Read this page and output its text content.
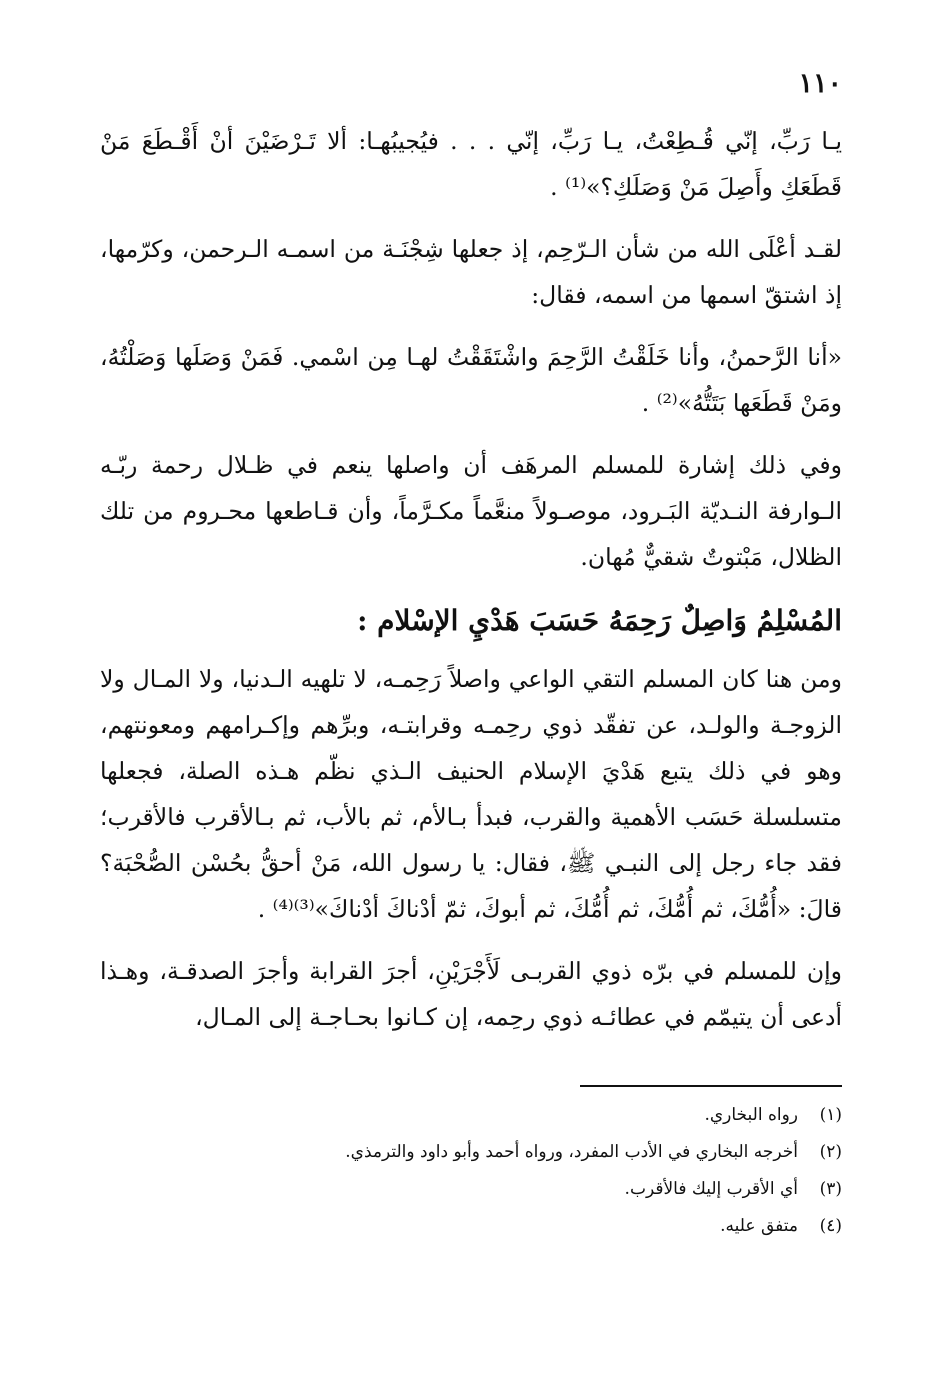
١١٠

يـا رَبِّ، إنّي قُـطِعْتُ، يـا رَبِّ، إنّي . . . فيُجيبُهـا: ألا تَـرْضَيْنَ أنْ أَقْـطَعَ مَنْ قَطَعَكِ وأَصِلَ مَنْ وَصَلَكِ؟»⁽¹⁾ .

لقـد أعْلَى الله من شأن الـرّحِم، إذ جعلها شِجْنَـة من اسمـه الـرحمن، وكرّمها، إذ اشتقّ اسمها من اسمه، فقال:

«أنا الرَّحمنُ، وأنا خَلَقْتُ الرَّحِمَ واشْتَقَقْتُ لهـا مِن اسْمي. فَمَنْ وَصَلَها وَصَلْتُهُ، ومَنْ قَطَعَها بَتَتُّهُ»⁽²⁾ .

وفي ذلك إشارة للمسلم المرهَف أن واصلها ينعم في ظـلال رحمة ربّـه الـوارفة النـديّة البَـرود، موصـولاً منعَّماً مكـرَّماً، وأن قـاطعها محـروم من تلك الظلال، مَبْتوتٌ شقيٌّ مُهان.

المُسْلِمُ وَاصِلٌ رَحِمَهُ حَسَبَ هَدْيِ الإسْلام :

ومن هنا كان المسلم التقي الواعي واصلاً رَحِمـه، لا تلهيه الـدنيا، ولا المـال ولا الزوجـة والولـد، عن تفقّد ذوي رحِمـه وقرابتـه، وبرِّهم وإكـرامهم ومعونتهم، وهو في ذلك يتبع هَدْيَ الإسلام الحنيف الـذي نظّم هـذه الصلة، فجعلها متسلسلة حَسَب الأهمية والقرب، فبدأ بـالأم، ثم بالأب، ثم بـالأقرب فالأقرب؛ فقد جاء رجل إلى النبـي ﷺ، فقال: يا رسول الله، مَنْ أحقُّ بحُسْن الصُّحْبَة؟ قالَ: «أُمُّكَ، ثم أُمُّكَ، ثم أُمُّكَ، ثم أبوكَ، ثمّ أدْناكَ أدْناكَ»⁽³⁾⁽⁴⁾ .

وإن للمسلم في برّه ذوي القربـى لَأَجْرَيْنِ، أجرَ القرابة وأجرَ الصدقـة، وهـذا أدعى أن يتيمّم في عطائـه ذوي رحِمه، إن كـانوا بحـاجـة إلى المـال،

(١)
رواه البخاري.
(٢)
أخرجه البخاري في الأدب المفرد، ورواه أحمد وأبو داود والترمذي.
(٣)
أي الأقرب إليك فالأقرب.
(٤)
متفق عليه.
